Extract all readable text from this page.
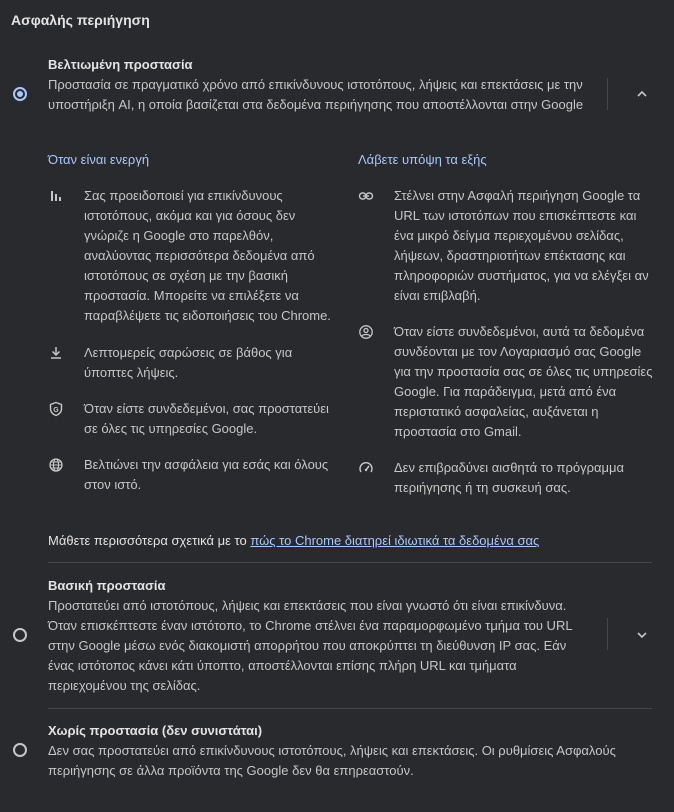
Ασφαλής περιήγηση
Βελτιωμένη προστασία
Προστασία σε πραγματικό χρόνο από επικίνδυνους ιστοτόπους, λήψεις και επεκτάσεις με την υποστήριξη AI, η οποία βασίζεται στα δεδομένα περιήγησης που αποστέλλονται στην Google
Όταν είναι ενεργή	Λάβετε υπόψη τα εξής
Σας προειδοποιεί για επικίνδυνους ιστοτόπους, ακόμα και για όσους δεν γνώριζε η Google στο παρελθόν, αναλύοντας περισσότερα δεδομένα από ιστοτόπους σε σχέση με την βασική προστασία. Μπορείτε να επιλέξετε να παραβλέψετε τις ειδοποιήσεις του Chrome.
Λεπτομερείς σαρώσεις σε βάθος για ύποπτες λήψεις.
G Όταν είστε συνδεδεμένοι, σας προστατεύει σε όλες τις υπηρεσίες Google.
Βελτιώνει την ασφάλεια για εσάς και όλους στον ιστό.
Στέλνει στην Ασφαλή περιήγηση Google τα URL των ιστοτόπων που επισκέπτεστε και ένα μικρό δείγμα περιεχομένου σελίδας, λήψεων, δραστηριοτήτων επέκτασης και πληροφοριών συστήματος, για να ελέγξει αν είναι επιβλαβή.
Όταν είστε συνδεδεμένοι, αυτά τα δεδομένα συνδέονται με τον Λογαριασμό σας Google για την προστασία σας σε όλες τις υπηρεσίες Google. Για παράδειγμα, μετά από ένα περιστατικό ασφαλείας, αυξάνεται η προστασία στο Gmail.
Δεν επιβραδύνει αισθητά το πρόγραμμα περιήγησης ή τη συσκευή σας.
Μάθετε περισσότερα σχετικά με το πώς το Chrome διατηρεί ιδιωτικά τα δεδομένα σας
Βασική προστασία
Προστατεύει από ιστοτόπους, λήψεις και επεκτάσεις που είναι γνωστό ότι είναι επικίνδυνα. Όταν επισκέπτεστε έναν ιστότοπο, το Chrome στέλνει ένα παραμορφωμένο τμήμα του URL στην Google μέσω ενός διακομιστή απορρήτου που αποκρύπτει τη διεύθυνση IP σας. Εάν ένας ιστότοπος κάνει κάτι ύποπτο, αποστέλλονται επίσης πλήρη URL και τμήματα περιεχομένου της σελίδας.
Χωρίς προστασία (δεν συνιστάται)
Δεν σας προστατεύει από επικίνδυνους ιστοτόπους, λήψεις και επεκτάσεις. Οι ρυθμίσεις Ασφαλούς περιήγησης σε άλλα προϊόντα της Google δεν θα επηρεαστούν.
